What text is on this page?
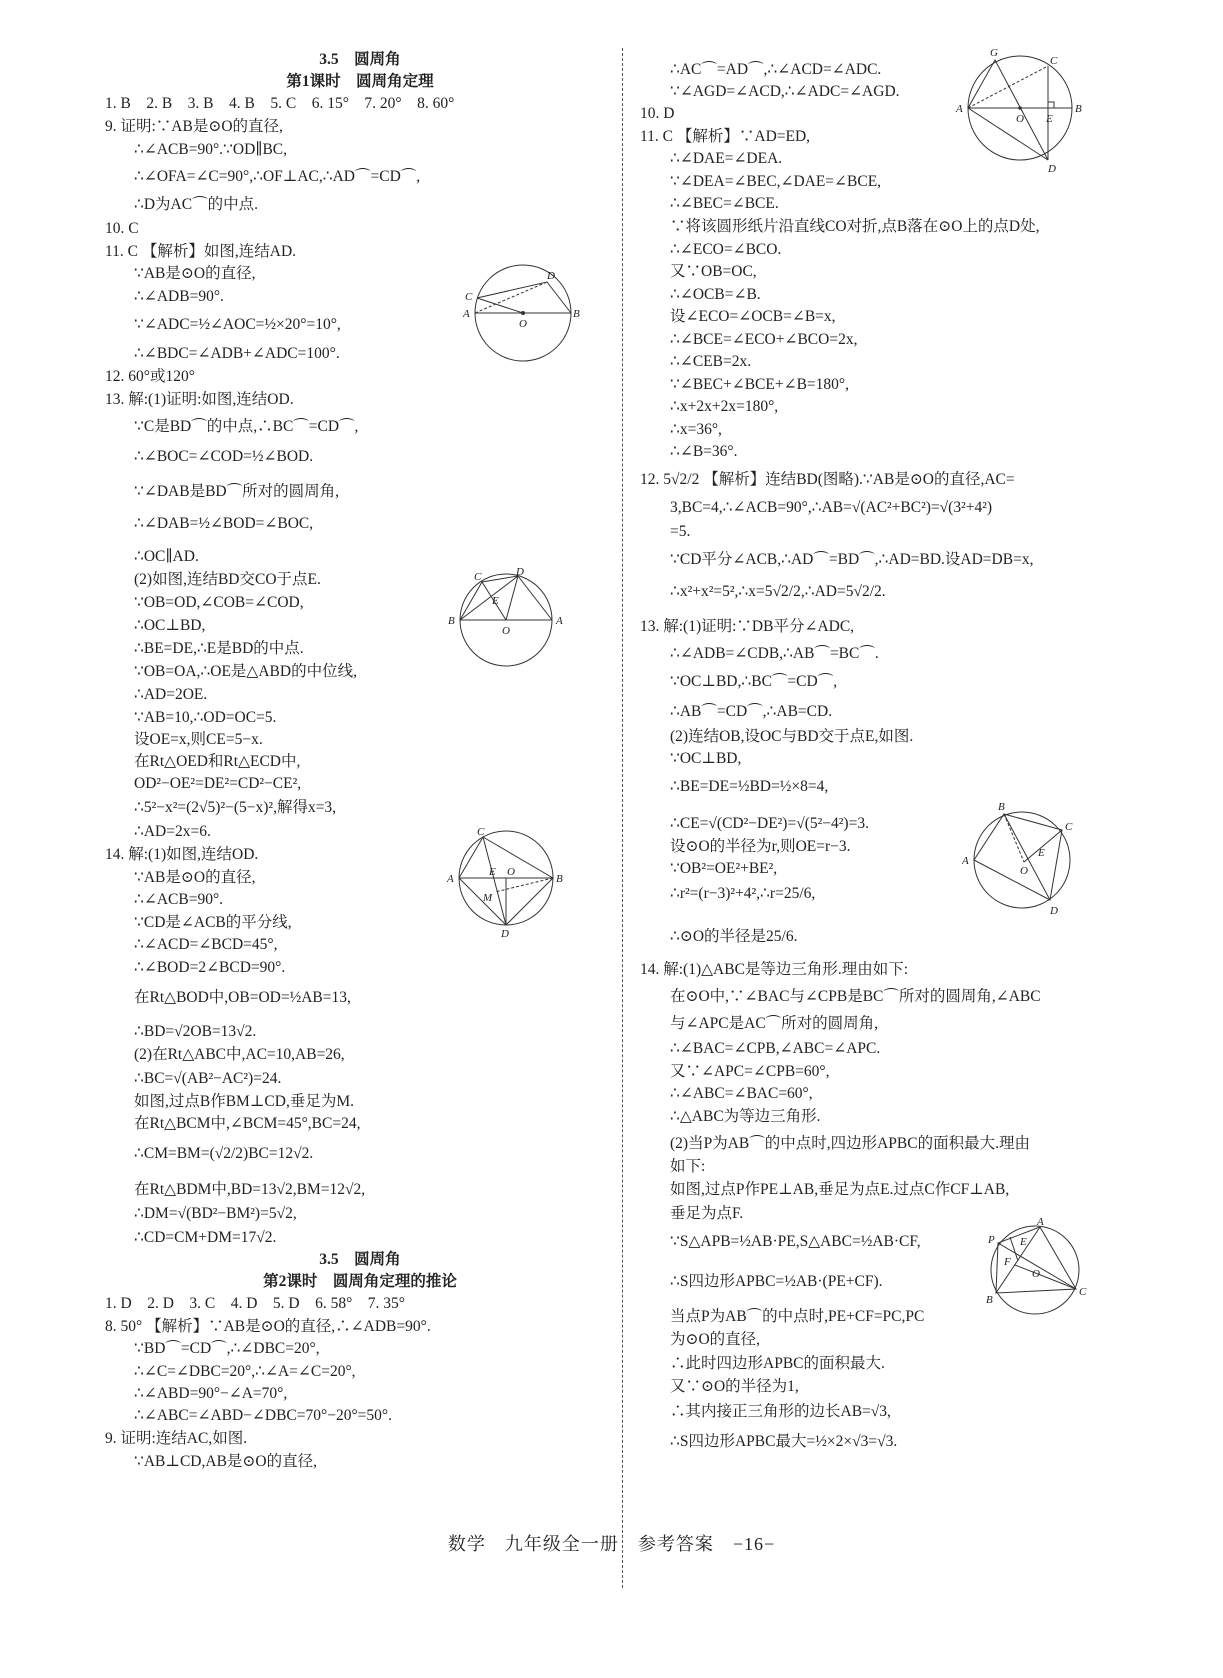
3.5　圆周角
第1课时　圆周角定理
1. B　2. B　3. B　4. B　5. C　6. 15°　7. 20°　8. 60°
9. 证明:∵AB是⊙O的直径,
∴∠ACB=90°.∵OD∥BC,
∴∠OFA=∠C=90°,∴OF⊥AC,∴AD⌒=CD⌒,
∴D为AC⌒的中点.
10. C
11. C 【解析】如图,连结AD.
∵AB是⊙O的直径,
∴∠ADB=90°.
∵∠ADC=½∠AOC=½×20°=10°,
∴∠BDC=∠ADB+∠ADC=100°.
12. 60°或120°
13. 解:(1)证明:如图,连结OD.
∵C是BD⌒的中点,∴BC⌒=CD⌒,
∴∠BOC=∠COD=½∠BOD.
∵∠DAB是BD⌒所对的圆周角,
∴∠DAB=½∠BOD=∠BOC,
∴OC∥AD.
(2)如图,连结BD交CO于点E.
∵OB=OD,∠COB=∠COD,
∴OC⊥BD,
∴BE=DE,∴E是BD的中点.
∵OB=OA,∴OE是△ABD的中位线,
∴AD=2OE.
∵AB=10,∴OD=OC=5.
设OE=x,则CE=5−x.
在Rt△OED和Rt△ECD中,
OD²−OE²=DE²=CD²−CE²,
∴5²−x²=(2√5)²−(5−x)²,解得x=3,
∴AD=2x=6.
14. 解:(1)如图,连结OD.
∵AB是⊙O的直径,
∴∠ACB=90°.
∵CD是∠ACB的平分线,
∴∠ACD=∠BCD=45°,
∴∠BOD=2∠BCD=90°.
在Rt△BOD中,OB=OD=½AB=13,
∴BD=√2OB=13√2.
(2)在Rt△ABC中,AC=10,AB=26,
∴BC=√(AB²−AC²)=24.
如图,过点B作BM⊥CD,垂足为M.
在Rt△BCM中,∠BCM=45°,BC=24,
∴CM=BM=(√2/2)BC=12√2.
在Rt△BDM中,BD=13√2,BM=12√2,
∴DM=√(BD²−BM²)=5√2,
∴CD=CM+DM=17√2.
3.5　圆周角
第2课时　圆周角定理的推论
1. D　2. D　3. C　4. D　5. D　6. 58°　7. 35°
8. 50° 【解析】∵AB是⊙O的直径,∴∠ADB=90°.
∵BD⌒=CD⌒,∴∠DBC=20°,
∴∠C=∠DBC=20°,∴∠A=∠C=20°,
∴∠ABD=90°−∠A=70°,
∴∠ABC=∠ABD−∠DBC=70°−20°=50°.
9. 证明:连结AC,如图.
∵AB⊥CD,AB是⊙O的直径,
∴AC⌒=AD⌒,∴∠ACD=∠ADC.
∵∠AGD=∠ACD,∴∠ADC=∠AGD.
10. D
11. C 【解析】∵AD=ED,
∴∠DAE=∠DEA.
∵∠DEA=∠BEC,∠DAE=∠BCE,
∴∠BEC=∠BCE.
∵将该圆形纸片沿直线CO对折,点B落在⊙O上的点D处,
∴∠ECO=∠BCO.
又∵OB=OC,
∴∠OCB=∠B.
设∠ECO=∠OCB=∠B=x,
∴∠BCE=∠ECO+∠BCO=2x,
∴∠CEB=2x.
∵∠BEC+∠BCE+∠B=180°,
∴x+2x+2x=180°,
∴x=36°,
∴∠B=36°.
12. 5√2/2 【解析】连结BD(图略).∵AB是⊙O的直径,AC=
3,BC=4,∴∠ACB=90°,∴AB=√(AC²+BC²)=√(3²+4²)
=5.
∵CD平分∠ACB,∴AD⌒=BD⌒,∴AD=BD.设AD=DB=x,
∴x²+x²=5²,∴x=5√2/2,∴AD=5√2/2.
13. 解:(1)证明:∵DB平分∠ADC,
∴∠ADB=∠CDB,∴AB⌒=BC⌒.
∵OC⊥BD,∴BC⌒=CD⌒,
∴AB⌒=CD⌒,∴AB=CD.
(2)连结OB,设OC与BD交于点E,如图.
∵OC⊥BD,
∴BE=DE=½BD=½×8=4,
∴CE=√(CD²−DE²)=√(5²−4²)=3.
设⊙O的半径为r,则OE=r−3.
∵OB²=OE²+BE²,
∴r²=(r−3)²+4²,∴r=25/6,
∴⊙O的半径是25/6.
14. 解:(1)△ABC是等边三角形.理由如下:
在⊙O中,∵∠BAC与∠CPB是BC⌒所对的圆周角,∠ABC
与∠APC是AC⌒所对的圆周角,
∴∠BAC=∠CPB,∠ABC=∠APC.
又∵∠APC=∠CPB=60°,
∴∠ABC=∠BAC=60°,
∴△ABC为等边三角形.
(2)当P为AB⌒的中点时,四边形APBC的面积最大.理由
如下:
如图,过点P作PE⊥AB,垂足为点E.过点C作CF⊥AB,
垂足为点F.
∵S△APB=½AB·PE,S△ABC=½AB·CF,
∴S四边形APBC=½AB·(PE+CF).
当点P为AB⌒的中点时,PE+CF=PC,PC
为⊙O的直径,
∴此时四边形APBC的面积最大.
又∵⊙O的半径为1,
∴其内接正三角形的边长AB=√3,
∴S四边形APBC最大=½×2×√3=√3.
A	B
C
D
O
B	A
C	D
E
O
A	B
C
D
E O
M
A	B
C
D
E
G
O
A
B
C
D
E
O
A
B
C
E
F
O
P
数学　九年级全一册　参考答案　−16−
